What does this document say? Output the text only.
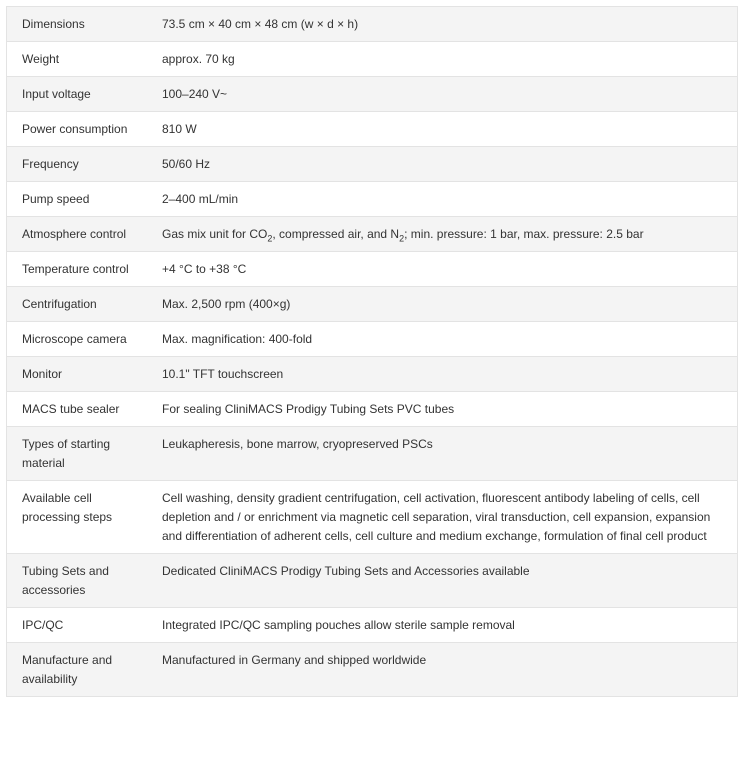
Dimensions	73.5 cm × 40 cm × 48 cm (w × d × h)
Weight	approx. 70 kg
Input voltage	100–240 V~
Power consumption	810 W
Frequency	50/60 Hz
Pump speed	2–400 mL/min
Atmosphere control	Gas mix unit for $CO_2$, compressed air, and $N_2$; min. pressure: 1 bar, max. pressure: 2.5 bar
Temperature control	+4 °C to +38 °C
Centrifugation	Max. 2,500 rpm (400×g)
Microscope camera	Max. magnification: 400-fold
Monitor	10.1" TFT touchscreen
MACS tube sealer	For sealing CliniMACS Prodigy Tubing Sets PVC tubes
Types of starting material	Leukapheresis, bone marrow, cryopreserved PSCs
Available cell processing steps	Cell washing, density gradient centrifugation, cell activation, fluorescent antibody labeling of cells, cell depletion and / or enrichment via magnetic cell separation, viral transduction, cell expansion, expansion and differentiation of adherent cells, cell culture and medium exchange, formulation of final cell product
Tubing Sets and accessories	Dedicated CliniMACS Prodigy Tubing Sets and Accessories available
IPC/QC	Integrated IPC/QC sampling pouches allow sterile sample removal
Manufacture and availability	Manufactured in Germany and shipped worldwide
